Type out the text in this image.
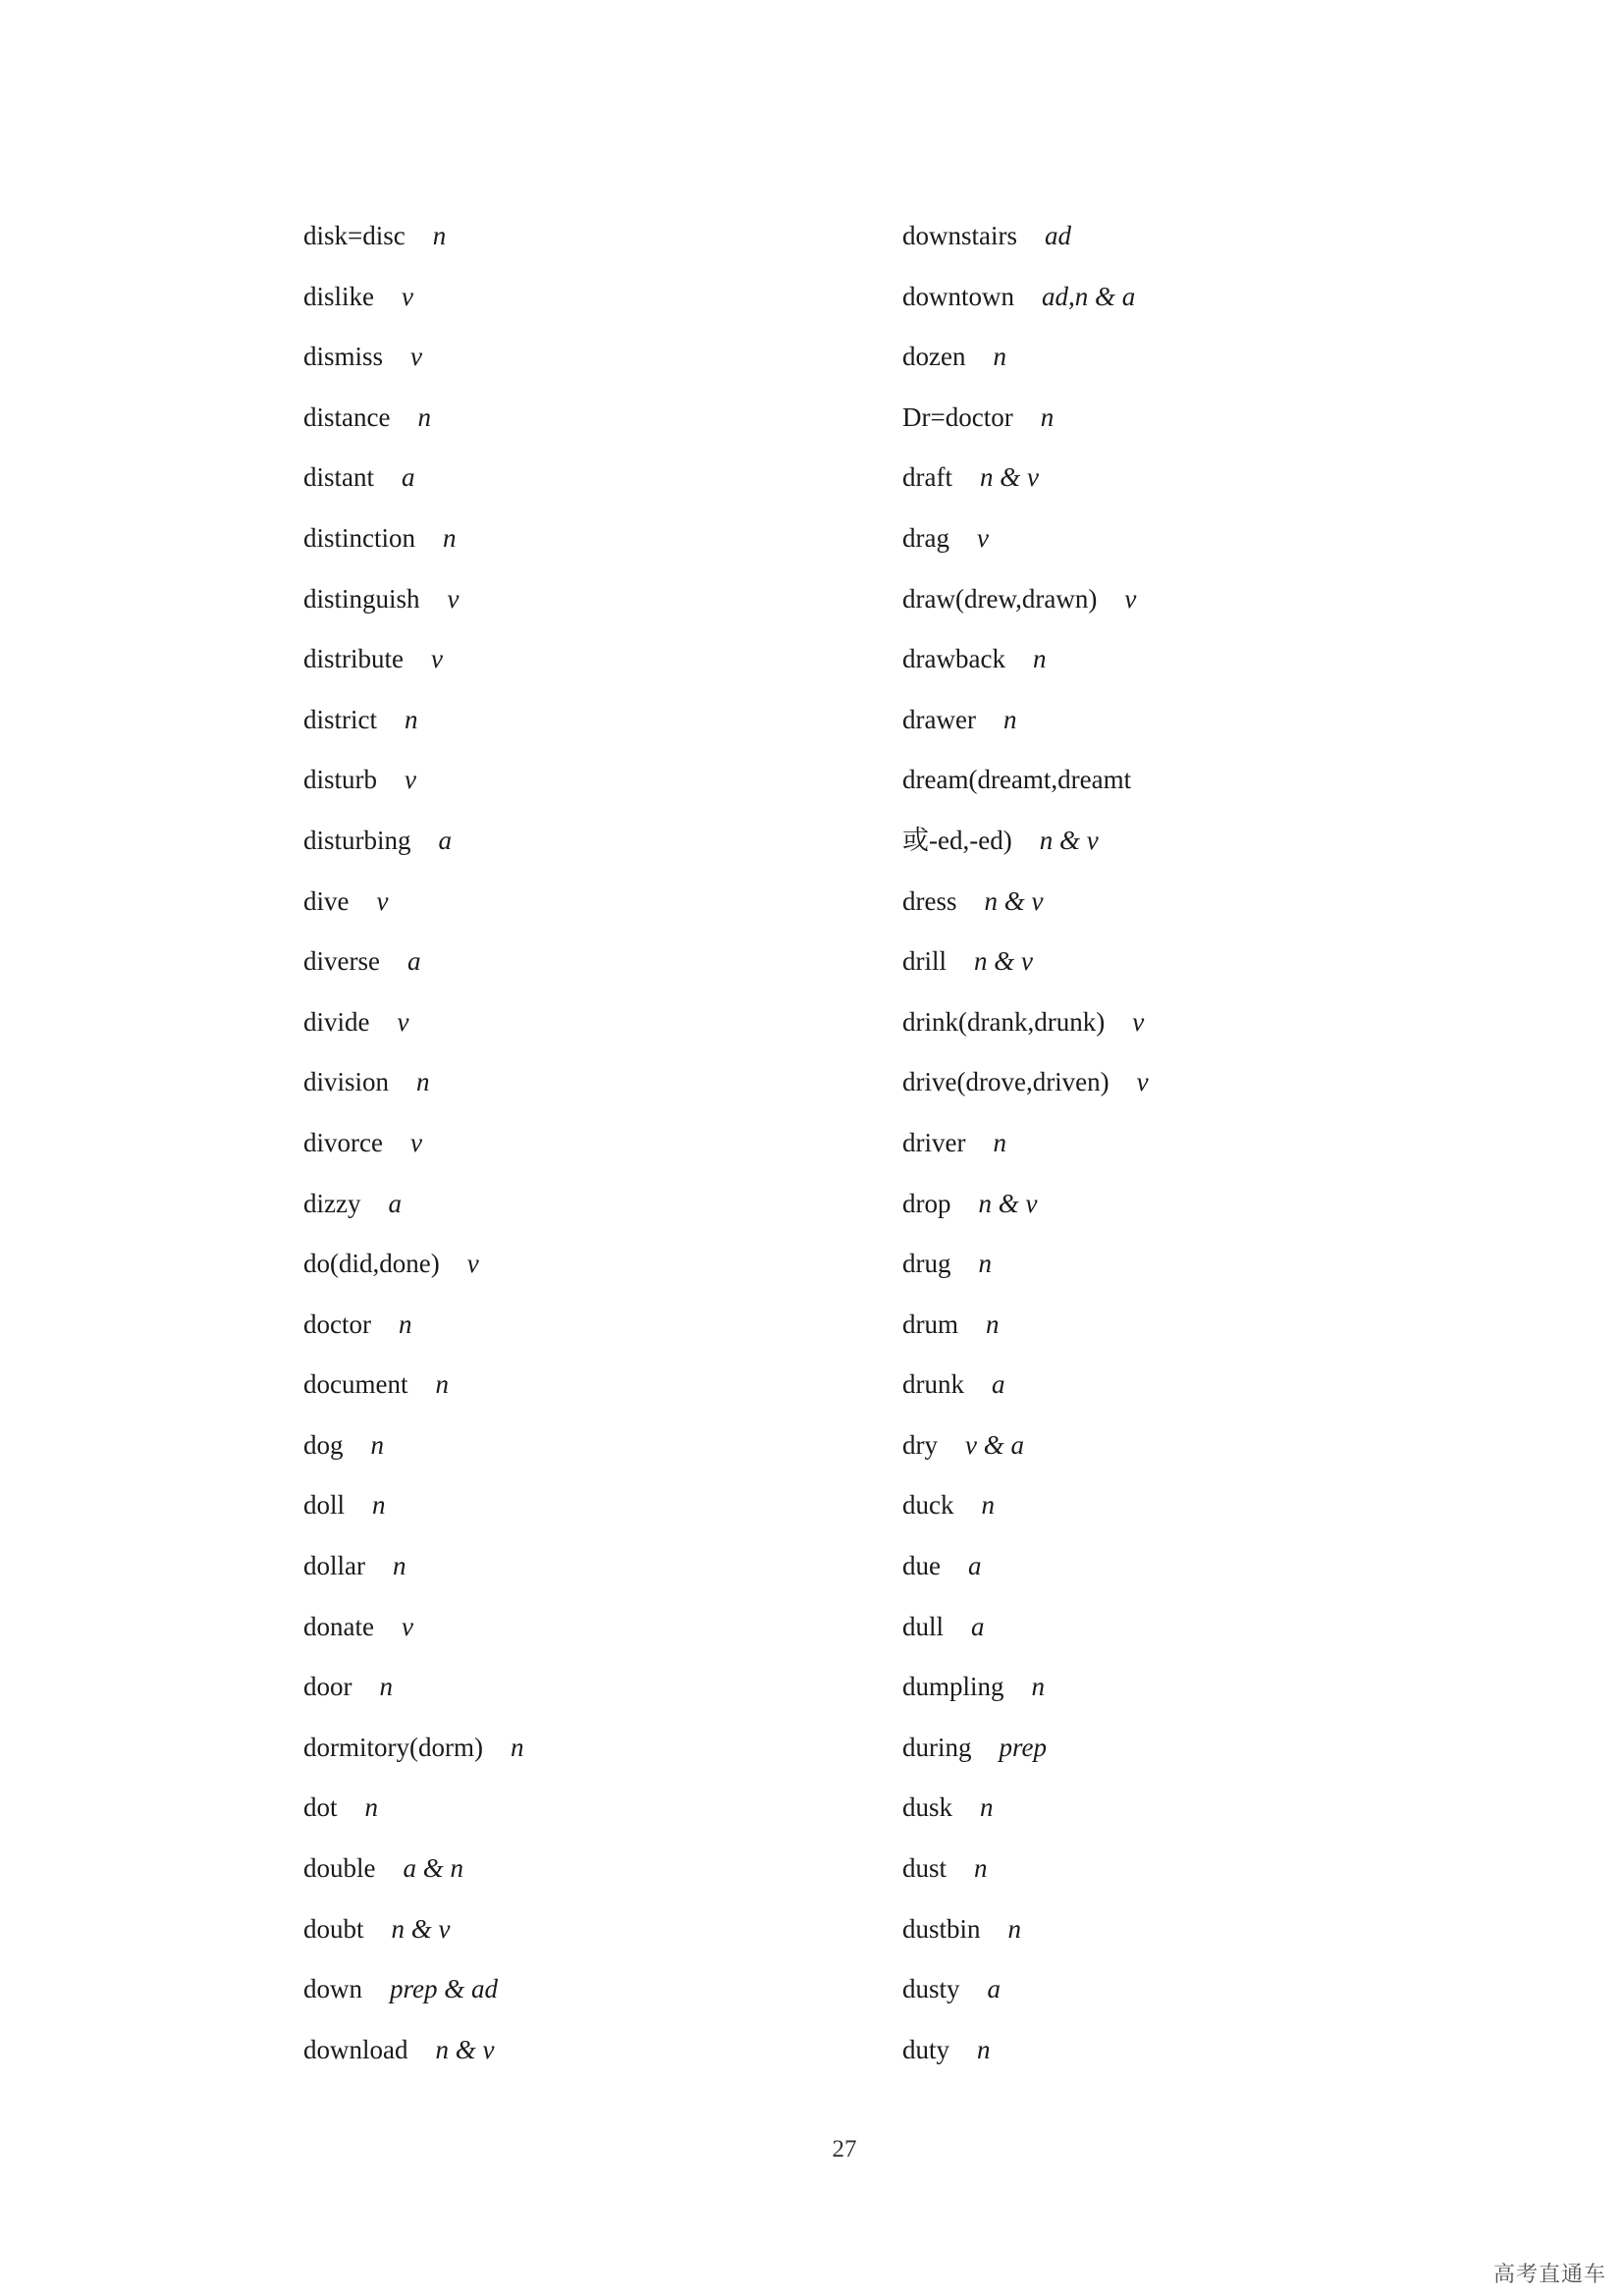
disk=disc n
dislike v
dismiss v
distance n
distant a
distinction n
distinguish v
distribute v
district n
disturb v
disturbing a
dive v
diverse a
divide v
division n
divorce v
dizzy a
do(did,done) v
doctor n
document n
dog n
doll n
dollar n
donate v
door n
dormitory(dorm) n
dot n
double a & n
doubt n & v
down prep & ad
download n & v
downstairs ad
downtown ad,n & a
dozen n
Dr=doctor n
draft n & v
drag v
draw(drew,drawn) v
drawback n
drawer n
dream(dreamt,dreamt
或-ed,-ed) n & v
dress n & v
drill n & v
drink(drank,drunk) v
drive(drove,driven) v
driver n
drop n & v
drug n
drum n
drunk a
dry v & a
duck n
due a
dull a
dumpling n
during prep
dusk n
dust n
dustbin n
dusty a
duty n
27
高考直通车
